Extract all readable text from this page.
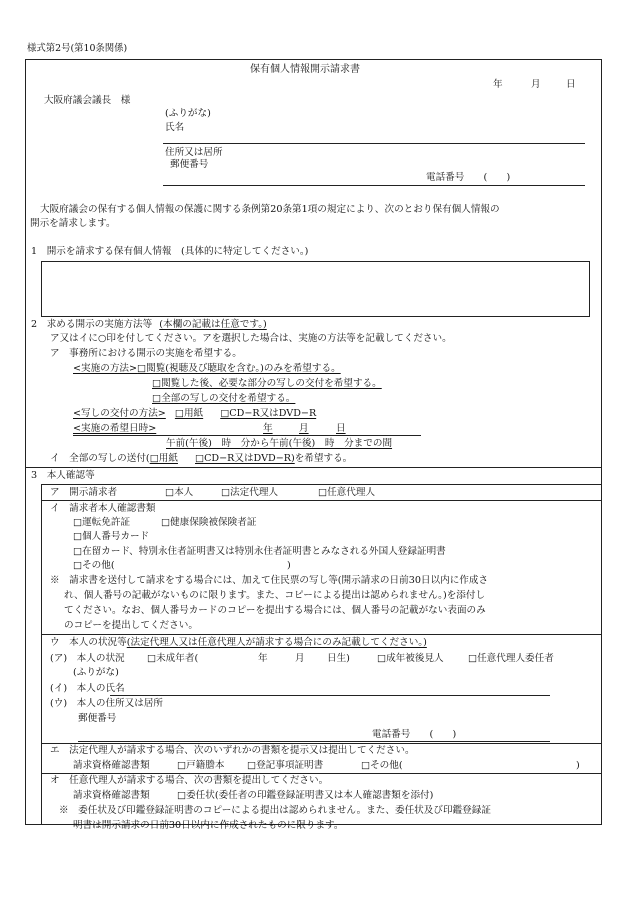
様式第2号(第10条関係)
保有個人情報開示請求書
年	月	日
大阪府議会議長　様
(ふりがな)
氏名
住所又は居所
郵便番号
電話番号　　(　　)
大阪府議会の保有する個人情報の保護に関する条例第20条第1項の規定により、次のとおり保有個人情報の
開示を請求します。
1　開示を請求する保有個人情報　(具体的に特定してください。)
2　求める開示の実施方法等 (本欄の記載は任意です。)
ア又はイに○印を付してください。アを選択した場合は、実施の方法等を記載してください。
ア　事務所における開示の実施を希望する。
<実施の方法>□閲覧(視聴及び聴取を含む。)のみを希望する。
□閲覧した後、必要な部分の写しの交付を希望する。
□全部の写しの交付を希望する。
<写しの交付の方法> □用紙 □CD−R又はDVD−R
<実施の希望日時>	年	月	日
午前(午後)　時　分から午前(午後)　時　分までの間
イ　全部の写しの送付(□用紙 □CD−R又はDVD−R)を希望する。
3　本人確認等
ア　開示請求者	□本人	□法定代理人	□任意代理人
イ　請求者本人確認書類
□運転免許証	□健康保険被保険者証
□個人番号カード
□在留カード、特別永住者証明書又は特別永住者証明書とみなされる外国人登録証明書
□その他(	)
※　請求書を送付して請求をする場合には、加えて住民票の写し等(開示請求の日前30日以内に作成さ
れ、個人番号の記載がないものに限ります。また、コピーによる提出は認められません。)を添付し
てください。なお、個人番号カードのコピーを提出する場合には、個人番号の記載がない表面のみ
のコピーを提出してください。
ウ　本人の状況等(法定代理人又は任意代理人が請求する場合にのみ記載してください。)
(ア)　本人の状況 □未成年者(	年	月 日生)	□成年被後見人	□任意代理人委任者
(ふりがな)
(イ)　本人の氏名
(ウ)　本人の住所又は居所
郵便番号
電話番号　　(　　)
エ　法定代理人が請求する場合、次のいずれかの書類を提示又は提出してください。
請求資格確認書類	□戸籍謄本 □登記事項証明書	□その他(	)
オ　任意代理人が請求する場合、次の書類を提出してください。
請求資格確認書類	□委任状(委任者の印鑑登録証明書又は本人確認書類を添付)
※　委任状及び印鑑登録証明書のコピーによる提出は認められません。また、委任状及び印鑑登録証
明書は開示請求の日前30日以内に作成されたものに限ります。
